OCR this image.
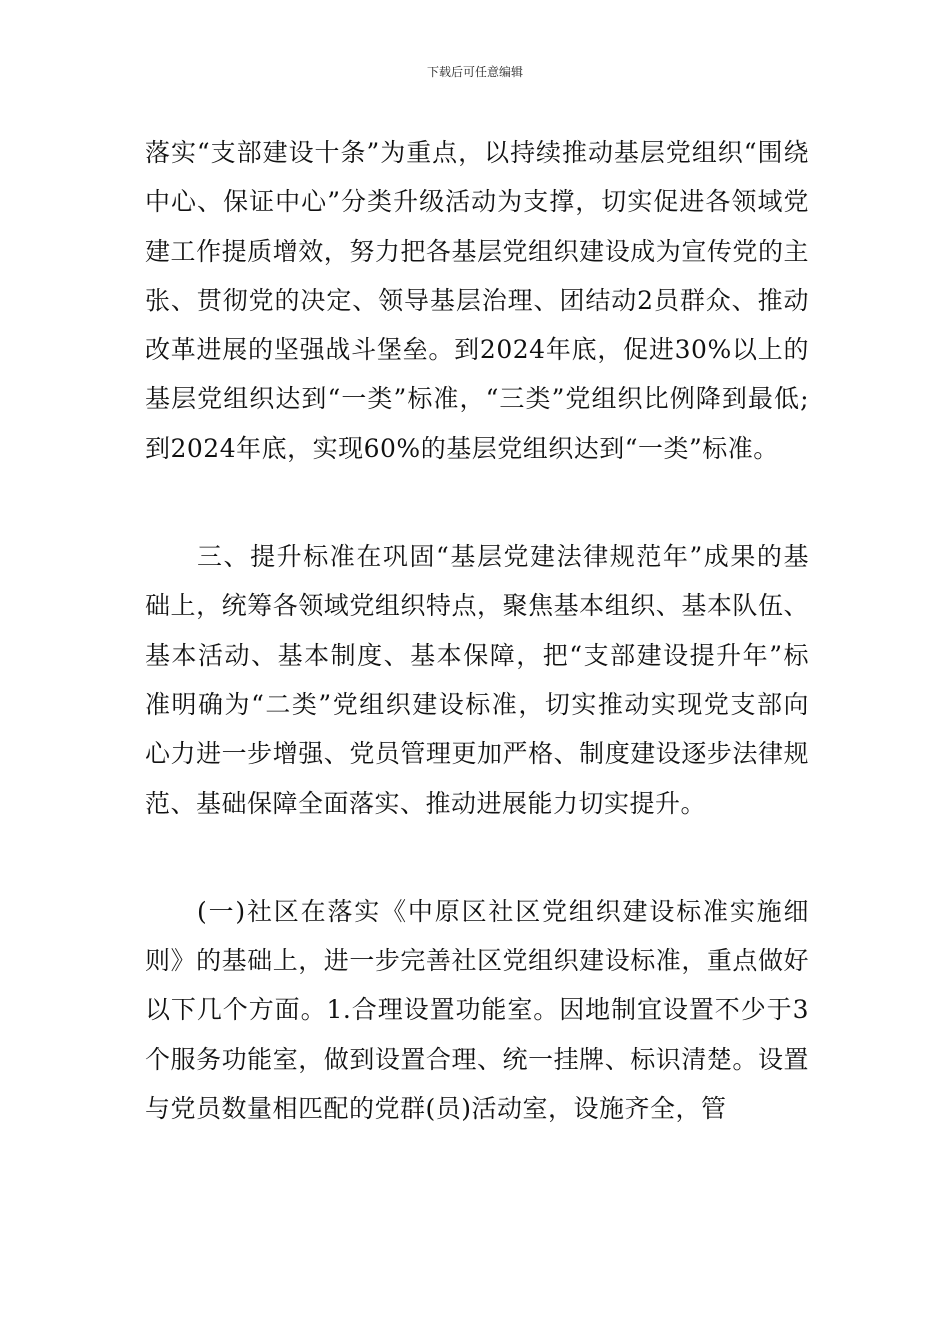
下载后可任意编辑

落实“支部建设十条”为重点，以持续推动基层党组织“围绕中心、保证中心”分类升级活动为支撑，切实促进各领域党建工作提质增效，努力把各基层党组织建设成为宣传党的主张、贯彻党的决定、领导基层治理、团结动2员群众、推动改革进展的坚强战斗堡垒。到2024年底，促进30%以上的基层党组织达到“一类”标准，“三类”党组织比例降到最低;到2024年底，实现60%的基层党组织达到“一类”标准。

三、提升标准在巩固“基层党建法律规范年”成果的基础上，统筹各领域党组织特点，聚焦基本组织、基本队伍、基本活动、基本制度、基本保障，把“支部建设提升年”标准明确为“二类”党组织建设标准，切实推动实现党支部向心力进一步增强、党员管理更加严格、制度建设逐步法律规范、基础保障全面落实、推动进展能力切实提升。

(一)社区在落实《中原区社区党组织建设标准实施细则》的基础上，进一步完善社区党组织建设标准，重点做好以下几个方面。1.合理设置功能室。因地制宜设置不少于3个服务功能室，做到设置合理、统一挂牌、标识清楚。设置与党员数量相匹配的党群(员)活动室，设施齐全，管
